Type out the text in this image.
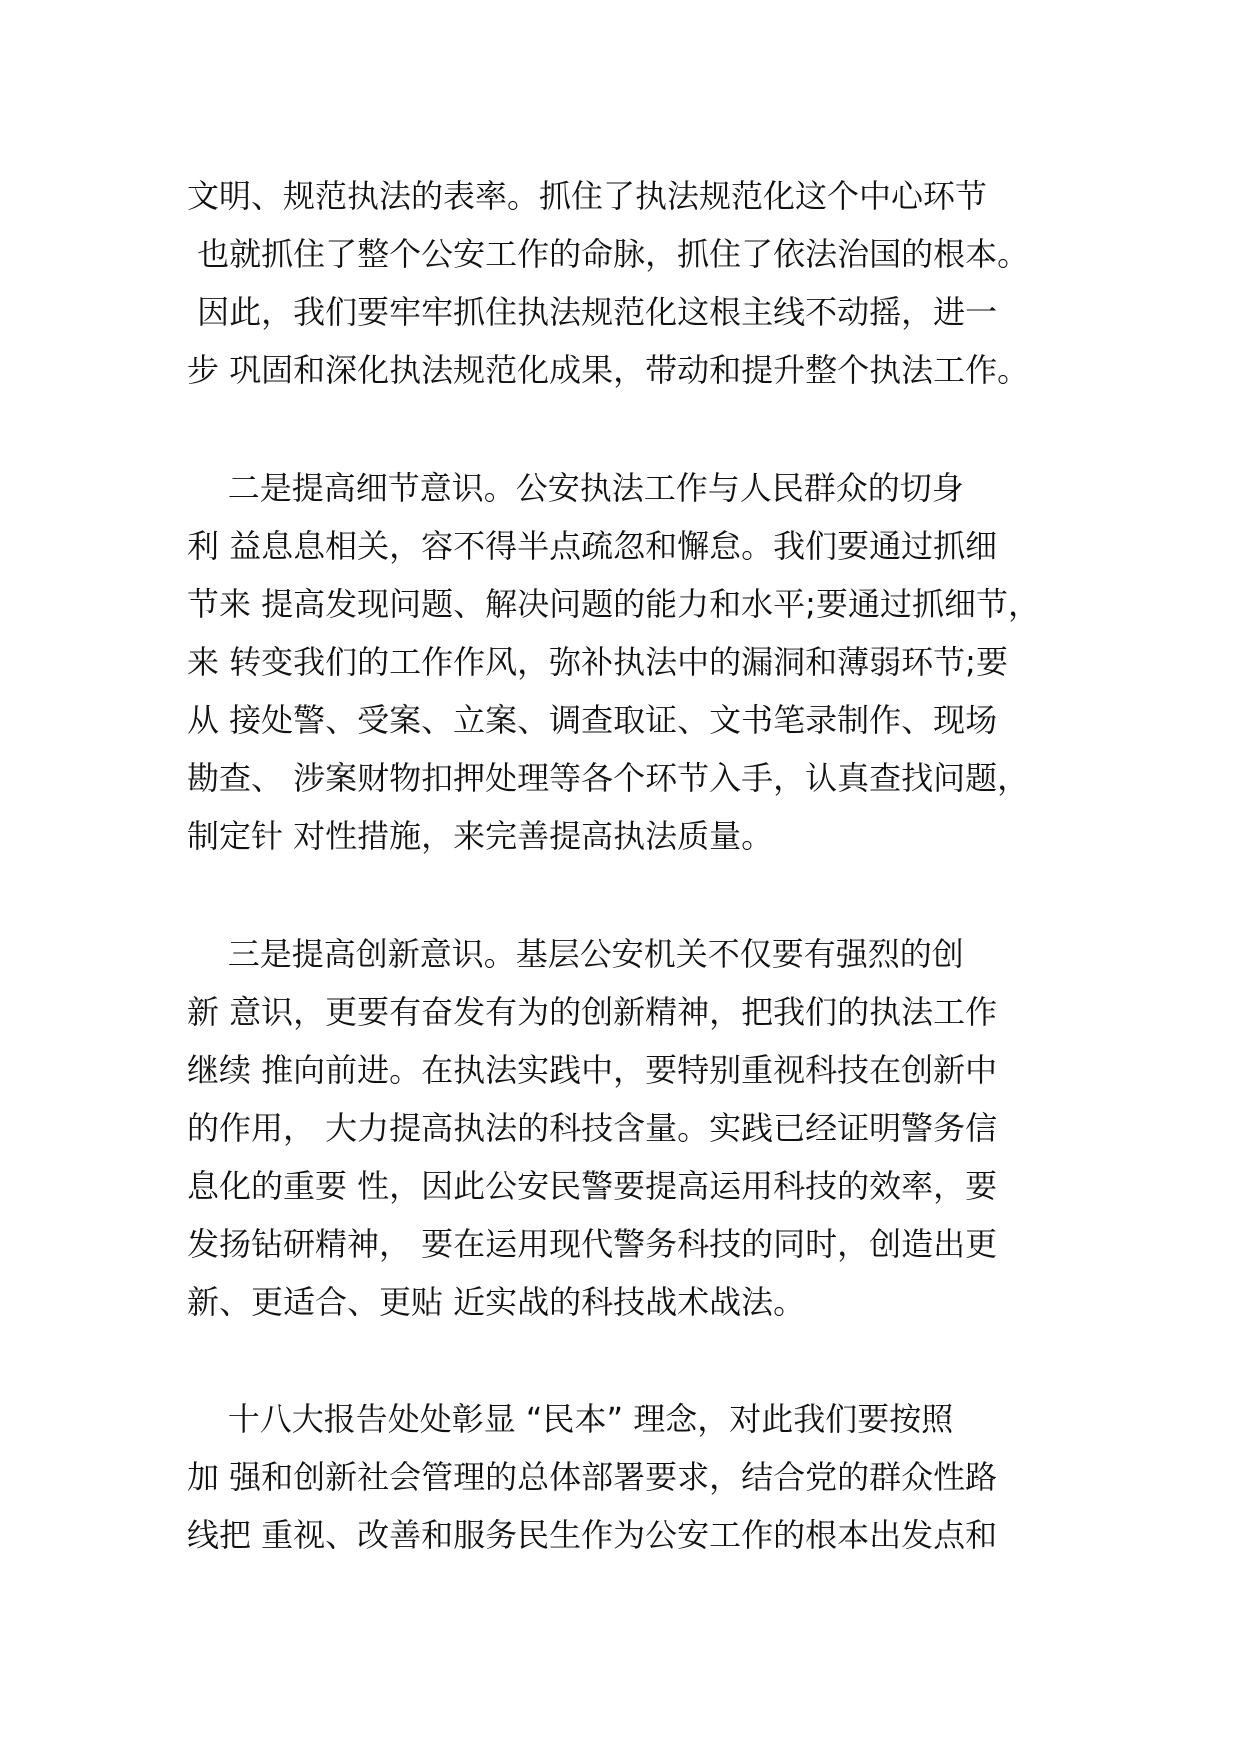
文明、规范执法的表率。抓住了执法规范化这个中心环节
也就抓住了整个公安工作的命脉，抓住了依法治国的根本。
因此，我们要牢牢抓住执法规范化这根主线不动摇，进一
步 巩固和深化执法规范化成果，带动和提升整个执法工作。
二是提高细节意识。公安执法工作与人民群众的切身
利 益息息相关，容不得半点疏忽和懈怠。我们要通过抓细
节来 提高发现问题、解决问题的能力和水平;要通过抓细节，
来 转变我们的工作作风，弥补执法中的漏洞和薄弱环节;要
从 接处警、受案、立案、调查取证、文书笔录制作、现场
勘查、 涉案财物扣押处理等各个环节入手，认真查找问题，
制定针 对性措施，来完善提高执法质量。
三是提高创新意识。基层公安机关不仅要有强烈的创
新 意识，更要有奋发有为的创新精神，把我们的执法工作
继续 推向前进。在执法实践中，要特别重视科技在创新中
的作用， 大力提高执法的科技含量。实践已经证明警务信
息化的重要 性，因此公安民警要提高运用科技的效率，要
发扬钻研精神， 要在运用现代警务科技的同时，创造出更
新、更适合、更贴 近实战的科技战术战法。
十八大报告处处彰显 “民本” 理念，对此我们要按照
加 强和创新社会管理的总体部署要求，结合党的群众性路
线把 重视、改善和服务民生作为公安工作的根本出发点和
